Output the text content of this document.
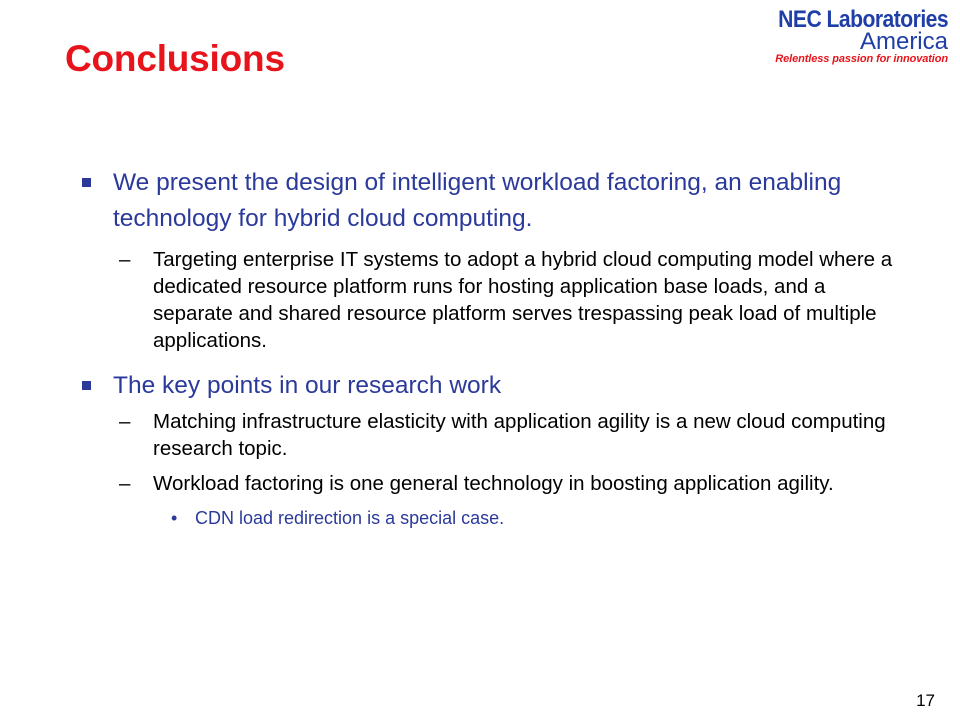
Conclusions
NEC Laboratories
America
Relentless passion for innovation
We present the design of intelligent workload factoring, an enabling technology for hybrid cloud computing.
– Targeting enterprise IT systems to adopt a hybrid cloud computing model where a dedicated resource platform runs for hosting application base loads, and a separate and shared resource platform serves trespassing peak load of multiple applications.
The key points in our research work
– Matching infrastructure elasticity with application agility is a new cloud computing research topic.
– Workload factoring is one general technology in boosting application agility.
• CDN load redirection is a special case.
17
